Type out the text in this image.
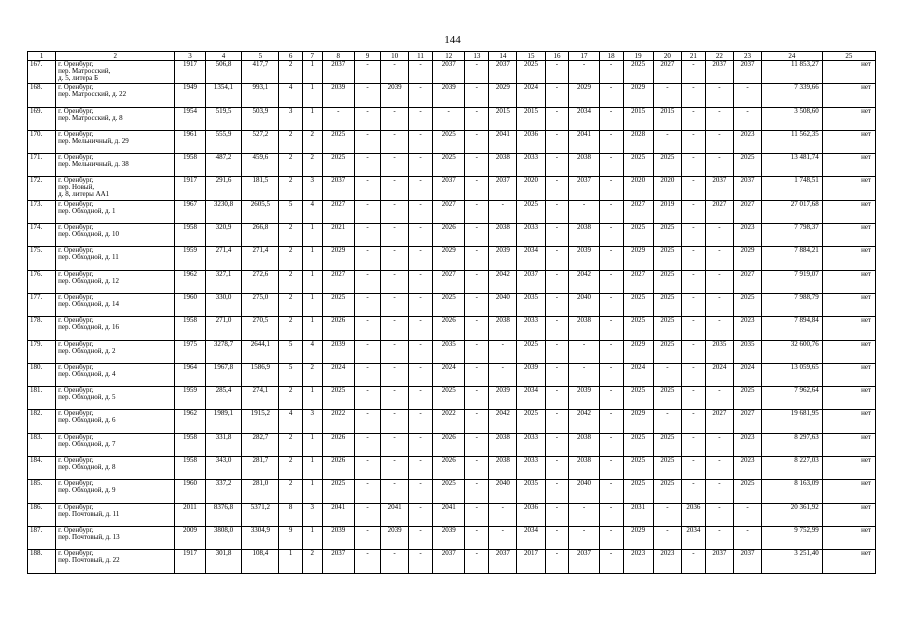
144
1	2	3	4	5	6	7	8	9	10	11	12	13	14	15	16	17	18	19	20	21	22	23	24	25
167.	г. Оренбург,
пер. Матросский,
д. 5, литера Б	1917	506,8	417,7	2	1	2037	-	-	-	2037	-	2037	2025	-	-	-	2025	2027	-	2037	2037	11 853,27	нет
168.	г. Оренбург,
пер. Матросский, д. 22	1949	1354,1	993,1	4	1	2039	-	2039	-	2039	-	2029	2024	-	2029	-	2029	-	-	-	-	7 339,66	нет
169.	г. Оренбург,
пер. Матросский, д. 8	1954	519,5	503,9	3	1	-	-	-	-	-	-	2015	2015	-	2034	-	2015	2015	-	-	-	3 508,60	нет
170.	г. Оренбург,
пер. Мельничный, д. 29	1961	555,9	527,2	2	2	2025	-	-	-	2025	-	2041	2036	-	2041	-	2028	-	-	-	2023	11 562,35	нет
171.	г. Оренбург,
пер. Мельничный, д. 38	1958	487,2	459,6	2	2	2025	-	-	-	2025	-	2038	2033	-	2038	-	2025	2025	-	-	2025	13 481,74	нет
172.	г. Оренбург,
пер. Новый,
д. 8, литеры АА1	1917	291,6	181,5	2	3	2037	-	-	-	2037	-	2037	2020	-	2037	-	2020	2020	-	2037	2037	1 748,51	нет
173.	г. Оренбург,
пер. Обходной, д. 1	1967	3230,8	2605,5	5	4	2027	-	-	-	2027	-	-	2025	-	-	-	2027	2019	-	2027	2027	27 017,68	нет
174.	г. Оренбург,
пер. Обходной, д. 10	1958	320,9	266,8	2	1	2021	-	-	-	2026	-	2038	2033	-	2038	-	2025	2025	-	-	2023	7 798,37	нет
175.	г. Оренбург,
пер. Обходной, д. 11	1959	271,4	271,4	2	1	2029	-	-	-	2029	-	2039	2034	-	2039	-	2029	2025	-	-	2029	7 884,21	нет
176.	г. Оренбург,
пер. Обходной, д. 12	1962	327,1	272,6	2	1	2027	-	-	-	2027	-	2042	2037	-	2042	-	2027	2025	-	-	2027	7 919,07	нет
177.	г. Оренбург,
пер. Обходной, д. 14	1960	330,0	275,0	2	1	2025	-	-	-	2025	-	2040	2035	-	2040	-	2025	2025	-	-	2025	7 988,79	нет
178.	г. Оренбург,
пер. Обходной, д. 16	1958	271,0	270,5	2	1	2026	-	-	-	2026	-	2038	2033	-	2038	-	2025	2025	-	-	2023	7 894,84	нет
179.	г. Оренбург,
пер. Обходной, д. 2	1975	3278,7	2644,1	5	4	2039	-	-	-	2035	-	-	2025	-	-	-	2029	2025	-	2035	2035	32 600,76	нет
180.	г. Оренбург,
пер. Обходной, д. 4	1964	1967,8	1586,9	5	2	2024	-	-	-	2024	-	-	2039	-	-	-	2024	-	-	2024	2024	13 059,65	нет
181.	г. Оренбург,
пер. Обходной, д. 5	1959	285,4	274,1	2	1	2025	-	-	-	2025	-	2039	2034	-	2039	-	2025	2025	-	-	2025	7 962,64	нет
182.	г. Оренбург,
пер. Обходной, д. 6	1962	1989,1	1915,2	4	3	2022	-	-	-	2022	-	2042	2025	-	2042	-	2029	-	-	2027	2027	19 681,95	нет
183.	г. Оренбург,
пер. Обходной, д. 7	1958	331,8	282,7	2	1	2026	-	-	-	2026	-	2038	2033	-	2038	-	2025	2025	-	-	2023	8 297,63	нет
184.	г. Оренбург,
пер. Обходной, д. 8	1958	343,0	281,7	2	1	2026	-	-	-	2026	-	2038	2033	-	2038	-	2025	2025	-	-	2023	8 227,03	нет
185.	г. Оренбург,
пер. Обходной, д. 9	1960	337,2	281,0	2	1	2025	-	-	-	2025	-	2040	2035	-	2040	-	2025	2025	-	-	2025	8 163,09	нет
186.	г. Оренбург,
пер. Почтовый, д. 11	2011	8376,8	5371,2	8	3	2041	-	2041	-	2041	-	-	2036	-	-	-	2031	-	2036	-	-	20 361,92	нет
187.	г. Оренбург,
пер. Почтовый, д. 13	2009	3808,0	3304,9	9	1	2039	-	2039	-	2039	-	-	2034	-	-	-	2029	-	2034	-	-	9 752,99	нет
188.	г. Оренбург,
пер. Почтовый, д. 22	1917	301,8	108,4	1	2	2037	-	-	-	2037	-	2037	2017	-	2037	-	2023	2023	-	2037	2037	3 251,40	нет
